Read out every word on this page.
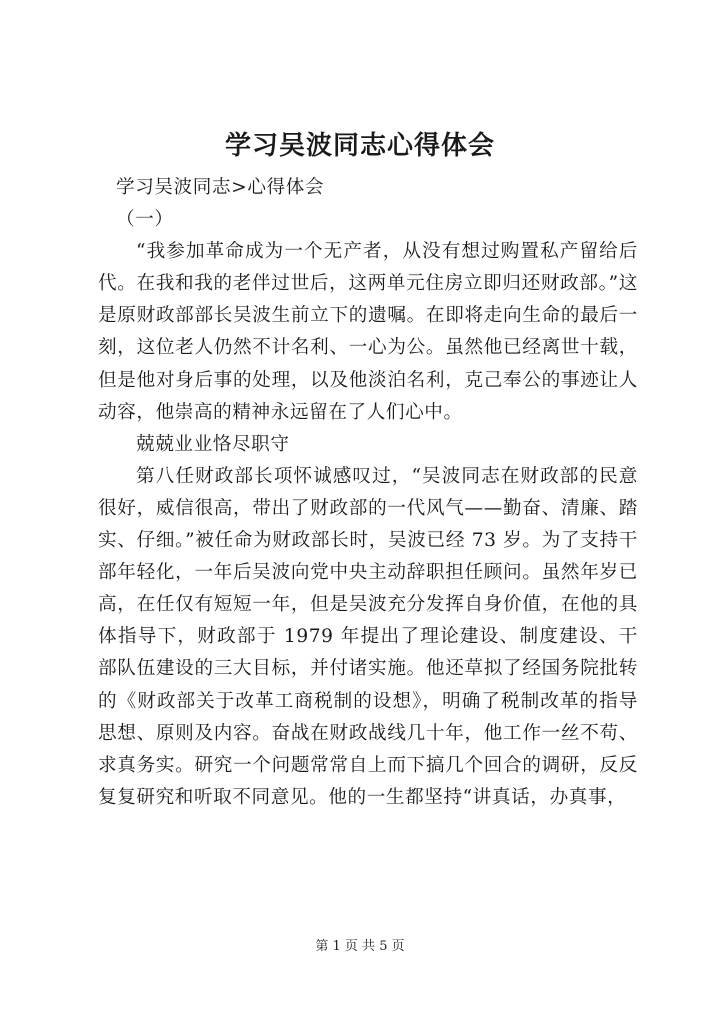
学习吴波同志心得体会

学习吴波同志>心得体会

（一）

“我参加革命成为一个无产者，从没有想过购置私产留给后代。在我和我的老伴过世后，这两单元住房立即归还财政部。”这是原财政部部长吴波生前立下的遗嘱。在即将走向生命的最后一刻，这位老人仍然不计名利、一心为公。虽然他已经离世十载，但是他对身后事的处理，以及他淡泊名利，克己奉公的事迹让人动容，他崇高的精神永远留在了人们心中。

兢兢业业恪尽职守

第八任财政部长项怀诚感叹过，“吴波同志在财政部的民意很好，威信很高，带出了财政部的一代风气——勤奋、清廉、踏实、仔细。”被任命为财政部长时，吴波已经 73 岁。为了支持干部年轻化，一年后吴波向党中央主动辞职担任顾问。虽然年岁已高，在任仅有短短一年，但是吴波充分发挥自身价值，在他的具体指导下，财政部于 1979 年提出了理论建设、制度建设、干部队伍建设的三大目标，并付诸实施。他还草拟了经国务院批转的《财政部关于改革工商税制的设想》，明确了税制改革的指导思想、原则及内容。奋战在财政战线几十年，他工作一丝不苟、求真务实。研究一个问题常常自上而下搞几个回合的调研，反反复复研究和听取不同意见。他的一生都坚持“讲真话，办真事，

第 1 页 共 5 页
